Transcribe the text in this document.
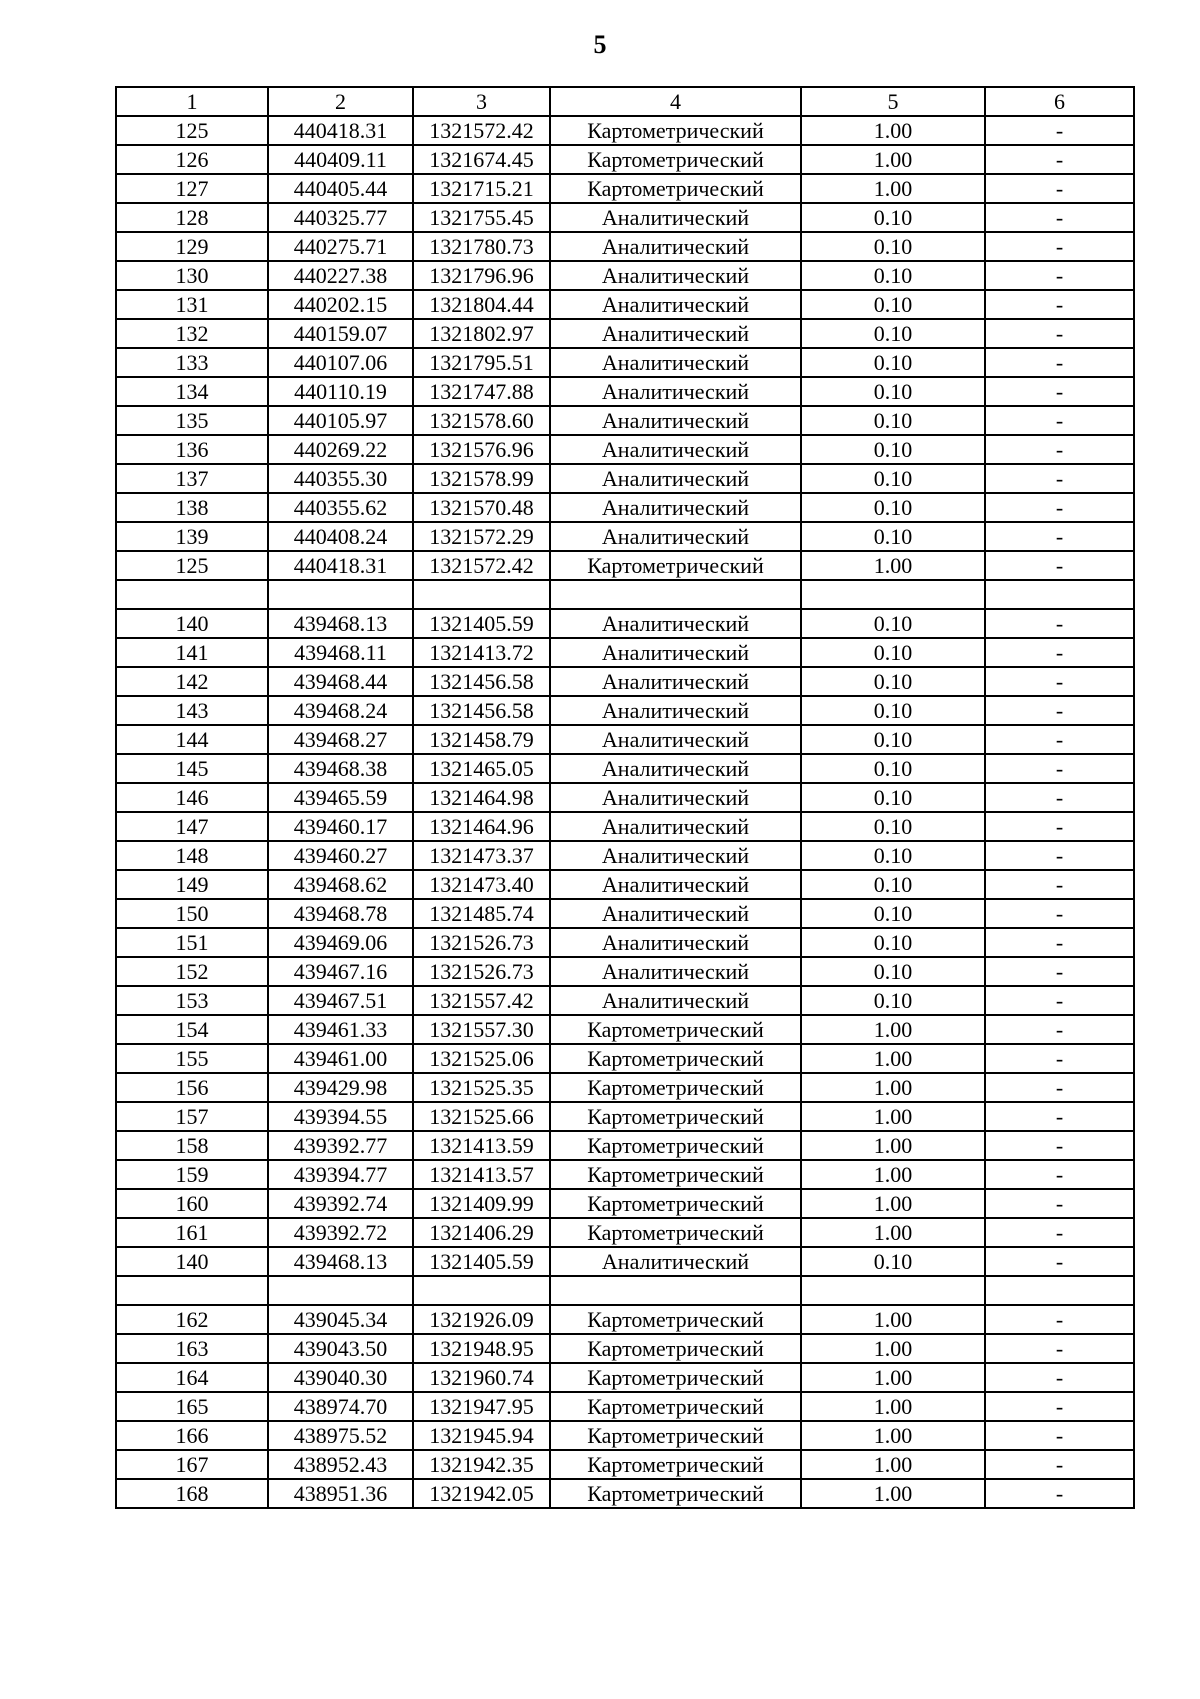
5
1	2	3	4	5	6
125	440418.31	1321572.42	Картометрический	1.00	-
126	440409.11	1321674.45	Картометрический	1.00	-
127	440405.44	1321715.21	Картометрический	1.00	-
128	440325.77	1321755.45	Аналитический	0.10	-
129	440275.71	1321780.73	Аналитический	0.10	-
130	440227.38	1321796.96	Аналитический	0.10	-
131	440202.15	1321804.44	Аналитический	0.10	-
132	440159.07	1321802.97	Аналитический	0.10	-
133	440107.06	1321795.51	Аналитический	0.10	-
134	440110.19	1321747.88	Аналитический	0.10	-
135	440105.97	1321578.60	Аналитический	0.10	-
136	440269.22	1321576.96	Аналитический	0.10	-
137	440355.30	1321578.99	Аналитический	0.10	-
138	440355.62	1321570.48	Аналитический	0.10	-
139	440408.24	1321572.29	Аналитический	0.10	-
125	440418.31	1321572.42	Картометрический	1.00	-

140	439468.13	1321405.59	Аналитический	0.10	-
141	439468.11	1321413.72	Аналитический	0.10	-
142	439468.44	1321456.58	Аналитический	0.10	-
143	439468.24	1321456.58	Аналитический	0.10	-
144	439468.27	1321458.79	Аналитический	0.10	-
145	439468.38	1321465.05	Аналитический	0.10	-
146	439465.59	1321464.98	Аналитический	0.10	-
147	439460.17	1321464.96	Аналитический	0.10	-
148	439460.27	1321473.37	Аналитический	0.10	-
149	439468.62	1321473.40	Аналитический	0.10	-
150	439468.78	1321485.74	Аналитический	0.10	-
151	439469.06	1321526.73	Аналитический	0.10	-
152	439467.16	1321526.73	Аналитический	0.10	-
153	439467.51	1321557.42	Аналитический	0.10	-
154	439461.33	1321557.30	Картометрический	1.00	-
155	439461.00	1321525.06	Картометрический	1.00	-
156	439429.98	1321525.35	Картометрический	1.00	-
157	439394.55	1321525.66	Картометрический	1.00	-
158	439392.77	1321413.59	Картометрический	1.00	-
159	439394.77	1321413.57	Картометрический	1.00	-
160	439392.74	1321409.99	Картометрический	1.00	-
161	439392.72	1321406.29	Картометрический	1.00	-
140	439468.13	1321405.59	Аналитический	0.10	-

162	439045.34	1321926.09	Картометрический	1.00	-
163	439043.50	1321948.95	Картометрический	1.00	-
164	439040.30	1321960.74	Картометрический	1.00	-
165	438974.70	1321947.95	Картометрический	1.00	-
166	438975.52	1321945.94	Картометрический	1.00	-
167	438952.43	1321942.35	Картометрический	1.00	-
168	438951.36	1321942.05	Картометрический	1.00	-
